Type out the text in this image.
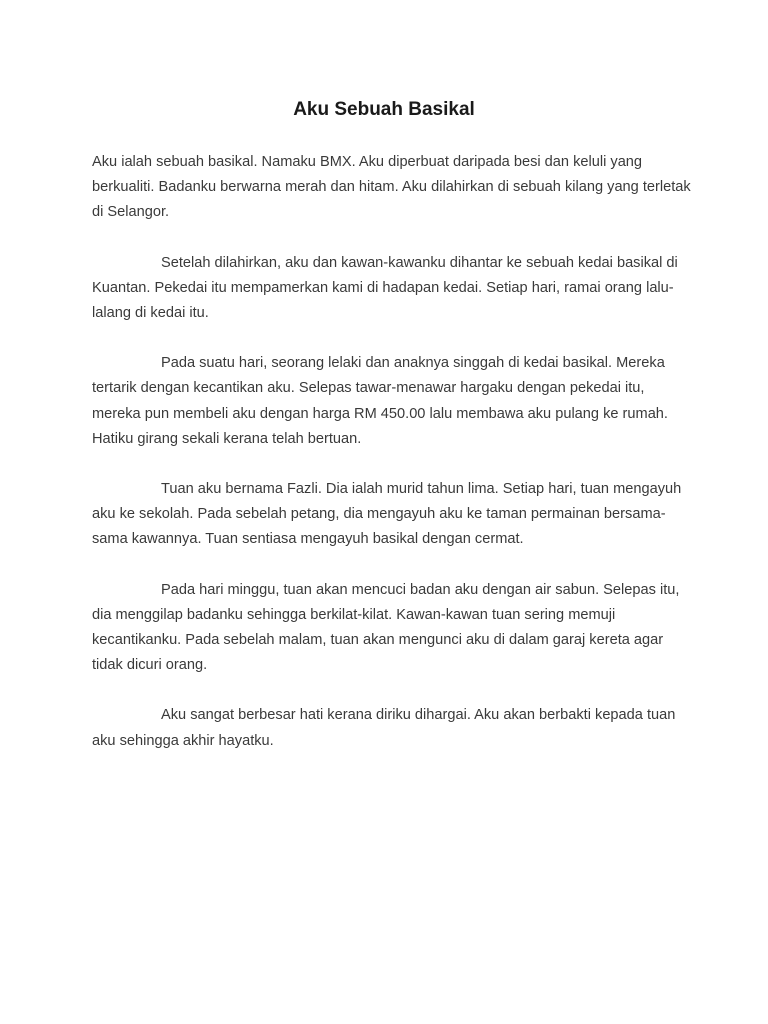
Aku Sebuah Basikal

Aku ialah sebuah basikal. Namaku BMX. Aku diperbuat daripada besi dan keluli yang berkualiti. Badanku berwarna merah dan hitam. Aku dilahirkan di sebuah kilang yang terletak di Selangor.

Setelah dilahirkan, aku dan kawan-kawanku dihantar ke sebuah kedai basikal di Kuantan. Pekedai itu mempamerkan kami di hadapan kedai. Setiap hari, ramai orang lalu-lalang di kedai itu.

Pada suatu hari, seorang lelaki dan anaknya singgah di kedai basikal. Mereka tertarik dengan kecantikan aku. Selepas tawar-menawar hargaku dengan pekedai itu, mereka pun membeli aku dengan harga RM 450.00 lalu membawa aku pulang ke rumah. Hatiku girang sekali kerana telah bertuan.

Tuan aku bernama Fazli. Dia ialah murid tahun lima. Setiap hari, tuan mengayuh aku ke sekolah. Pada sebelah petang, dia mengayuh aku ke taman permainan bersama-sama kawannya. Tuan sentiasa mengayuh basikal dengan cermat.

Pada hari minggu, tuan akan mencuci badan aku dengan air sabun. Selepas itu, dia menggilap badanku sehingga berkilat-kilat. Kawan-kawan tuan sering memuji kecantikanku. Pada sebelah malam, tuan akan mengunci aku di dalam garaj kereta agar tidak dicuri orang.

Aku sangat berbesar hati kerana diriku dihargai. Aku akan berbakti kepada tuan aku sehingga akhir hayatku.
